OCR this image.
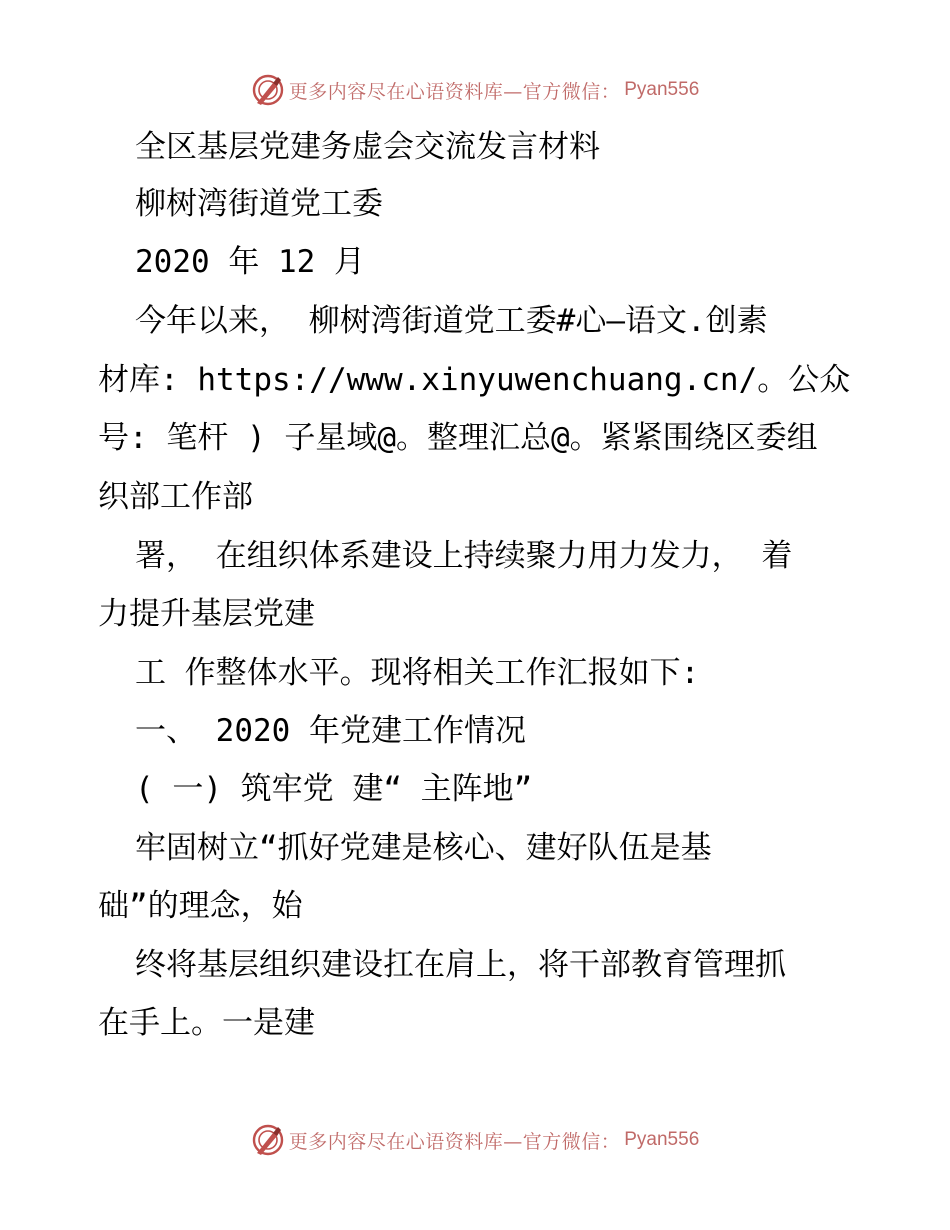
更多内容尽在心语资料库—官方微信： Pyan556
全区基层党建务虚会交流发言材料
柳树湾街道党工委
2020 年 12 月
今年以来， 柳树湾街道党工委#心—语文.创素
材库: https://www.xinyuwenchuang.cn/。公众
号: 笔杆 ) 子星域@。整理汇总@。紧紧围绕区委组
织部工作部
署， 在组织体系建设上持续聚力用力发力， 着
力提升基层党建
工 作整体水平。现将相关工作汇报如下:
一、 2020 年党建工作情况
( 一) 筑牢党 建“ 主阵地”
牢固树立“抓好党建是核心、建好队伍是基
础”的理念，始
终将基层组织建设扛在肩上，将干部教育管理抓
在手上。一是建
更多内容尽在心语资料库—官方微信： Pyan556
